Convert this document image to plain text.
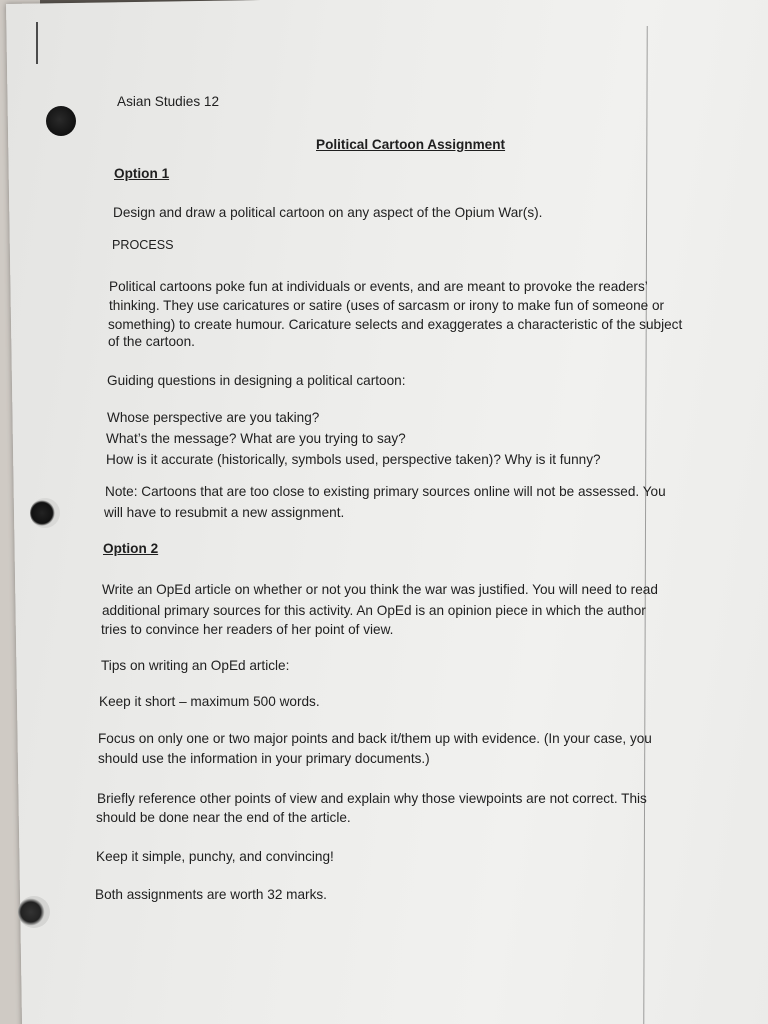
Asian Studies 12
Political Cartoon Assignment
Option 1
Design and draw a political cartoon on any aspect of the Opium War(s).
PROCESS
Political cartoons poke fun at individuals or events, and are meant to provoke the readers’
thinking. They use caricatures or satire (uses of sarcasm or irony to make fun of someone or
something) to create humour. Caricature selects and exaggerates a characteristic of the subject
of the cartoon.
Guiding questions in designing a political cartoon:
Whose perspective are you taking?
What’s the message? What are you trying to say?
How is it accurate (historically, symbols used, perspective taken)? Why is it funny?
Note: Cartoons that are too close to existing primary sources online will not be assessed. You
will have to resubmit a new assignment.
Option 2
Write an OpEd article on whether or not you think the war was justified. You will need to read
additional primary sources for this activity. An OpEd is an opinion piece in which the author
tries to convince her readers of her point of view.
Tips on writing an OpEd article:
Keep it short – maximum 500 words.
Focus on only one or two major points and back it/them up with evidence. (In your case, you
should use the information in your primary documents.)
Briefly reference other points of view and explain why those viewpoints are not correct. This
should be done near the end of the article.
Keep it simple, punchy, and convincing!
Both assignments are worth 32 marks.
